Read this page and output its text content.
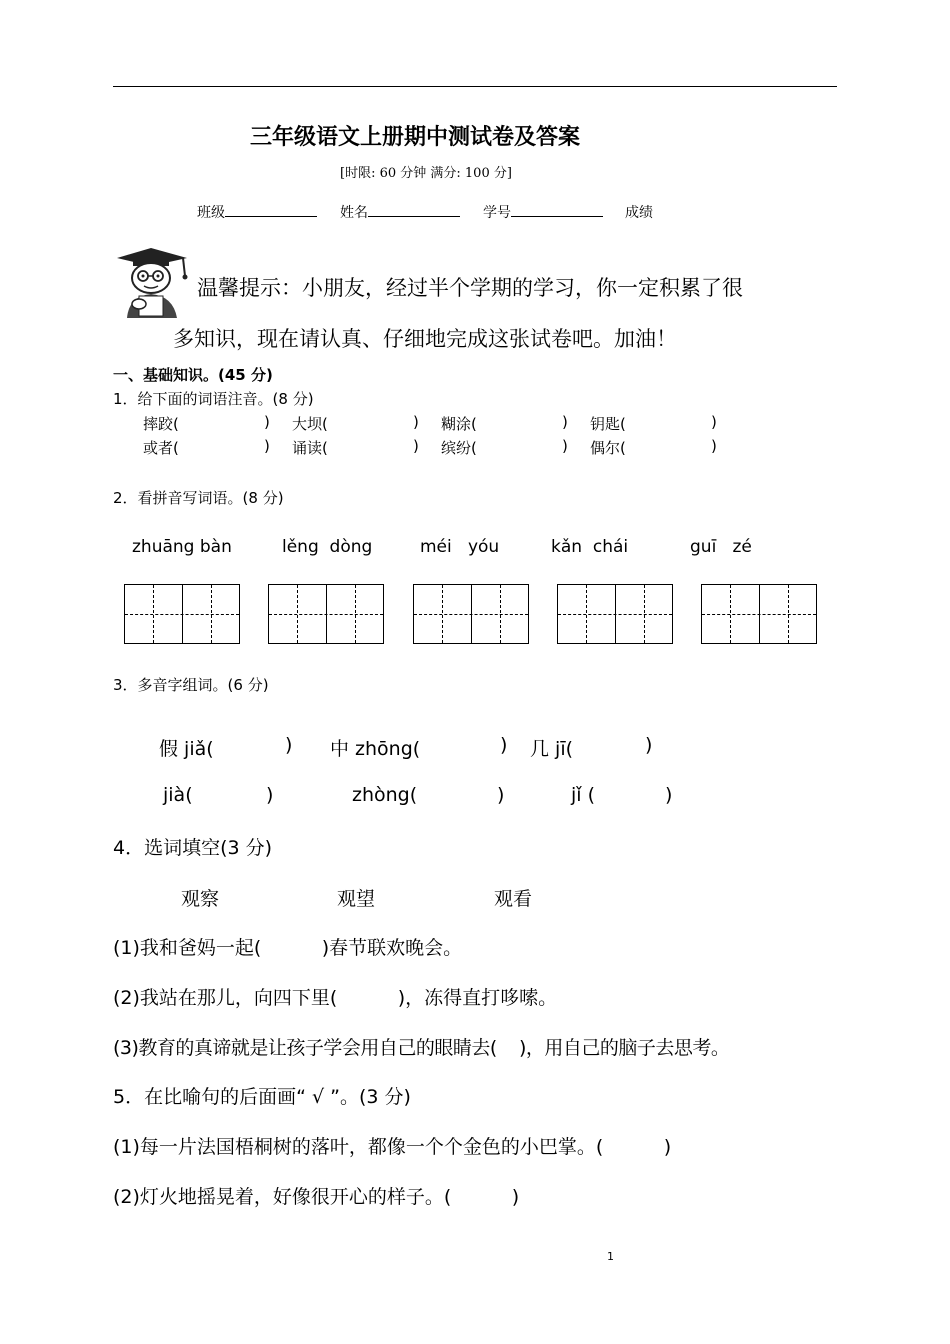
三年级语文上册期中测试卷及答案
[时限: 60 分钟 满分: 100 分]
班级	姓名	学号	成绩
温馨提示：小朋友，经过半个学期的学习，你一定积累了很
多知识，现在请认真、仔细地完成这张试卷吧。加油！
一、基础知识。(45 分)
1．给下面的词语注音。(8 分)
摔跤(	) 大坝(	) 糊涂(	) 钥匙(	)
或者(	) 诵读(	) 缤纷(	) 偶尔(	)
2．看拼音写词语。(8 分)
zhuāng bàn	lěng  dòng	méi   yóu	kǎn  chái	guī   zé
3．多音字组词。(6 分)
假 jiǎ(	) 中 zhōng(	) 几 jī(	)
jià(	)	zhòng(	)	jǐ (	)
4．选词填空(3 分)
观察	观望	观看
(1)我和爸妈一起(          )春节联欢晚会。
(2)我站在那儿，向四下里(          )，冻得直打哆嗦。
(3)教育的真谛就是让孩子学会用自己的眼睛去(    )，用自己的脑子去思考。
5．在比喻句的后面画“ √ ”。(3 分)
(1)每一片法国梧桐树的落叶，都像一个个金色的小巴掌。(          )
(2)灯火地摇晃着，好像很开心的样子。(          )
1
